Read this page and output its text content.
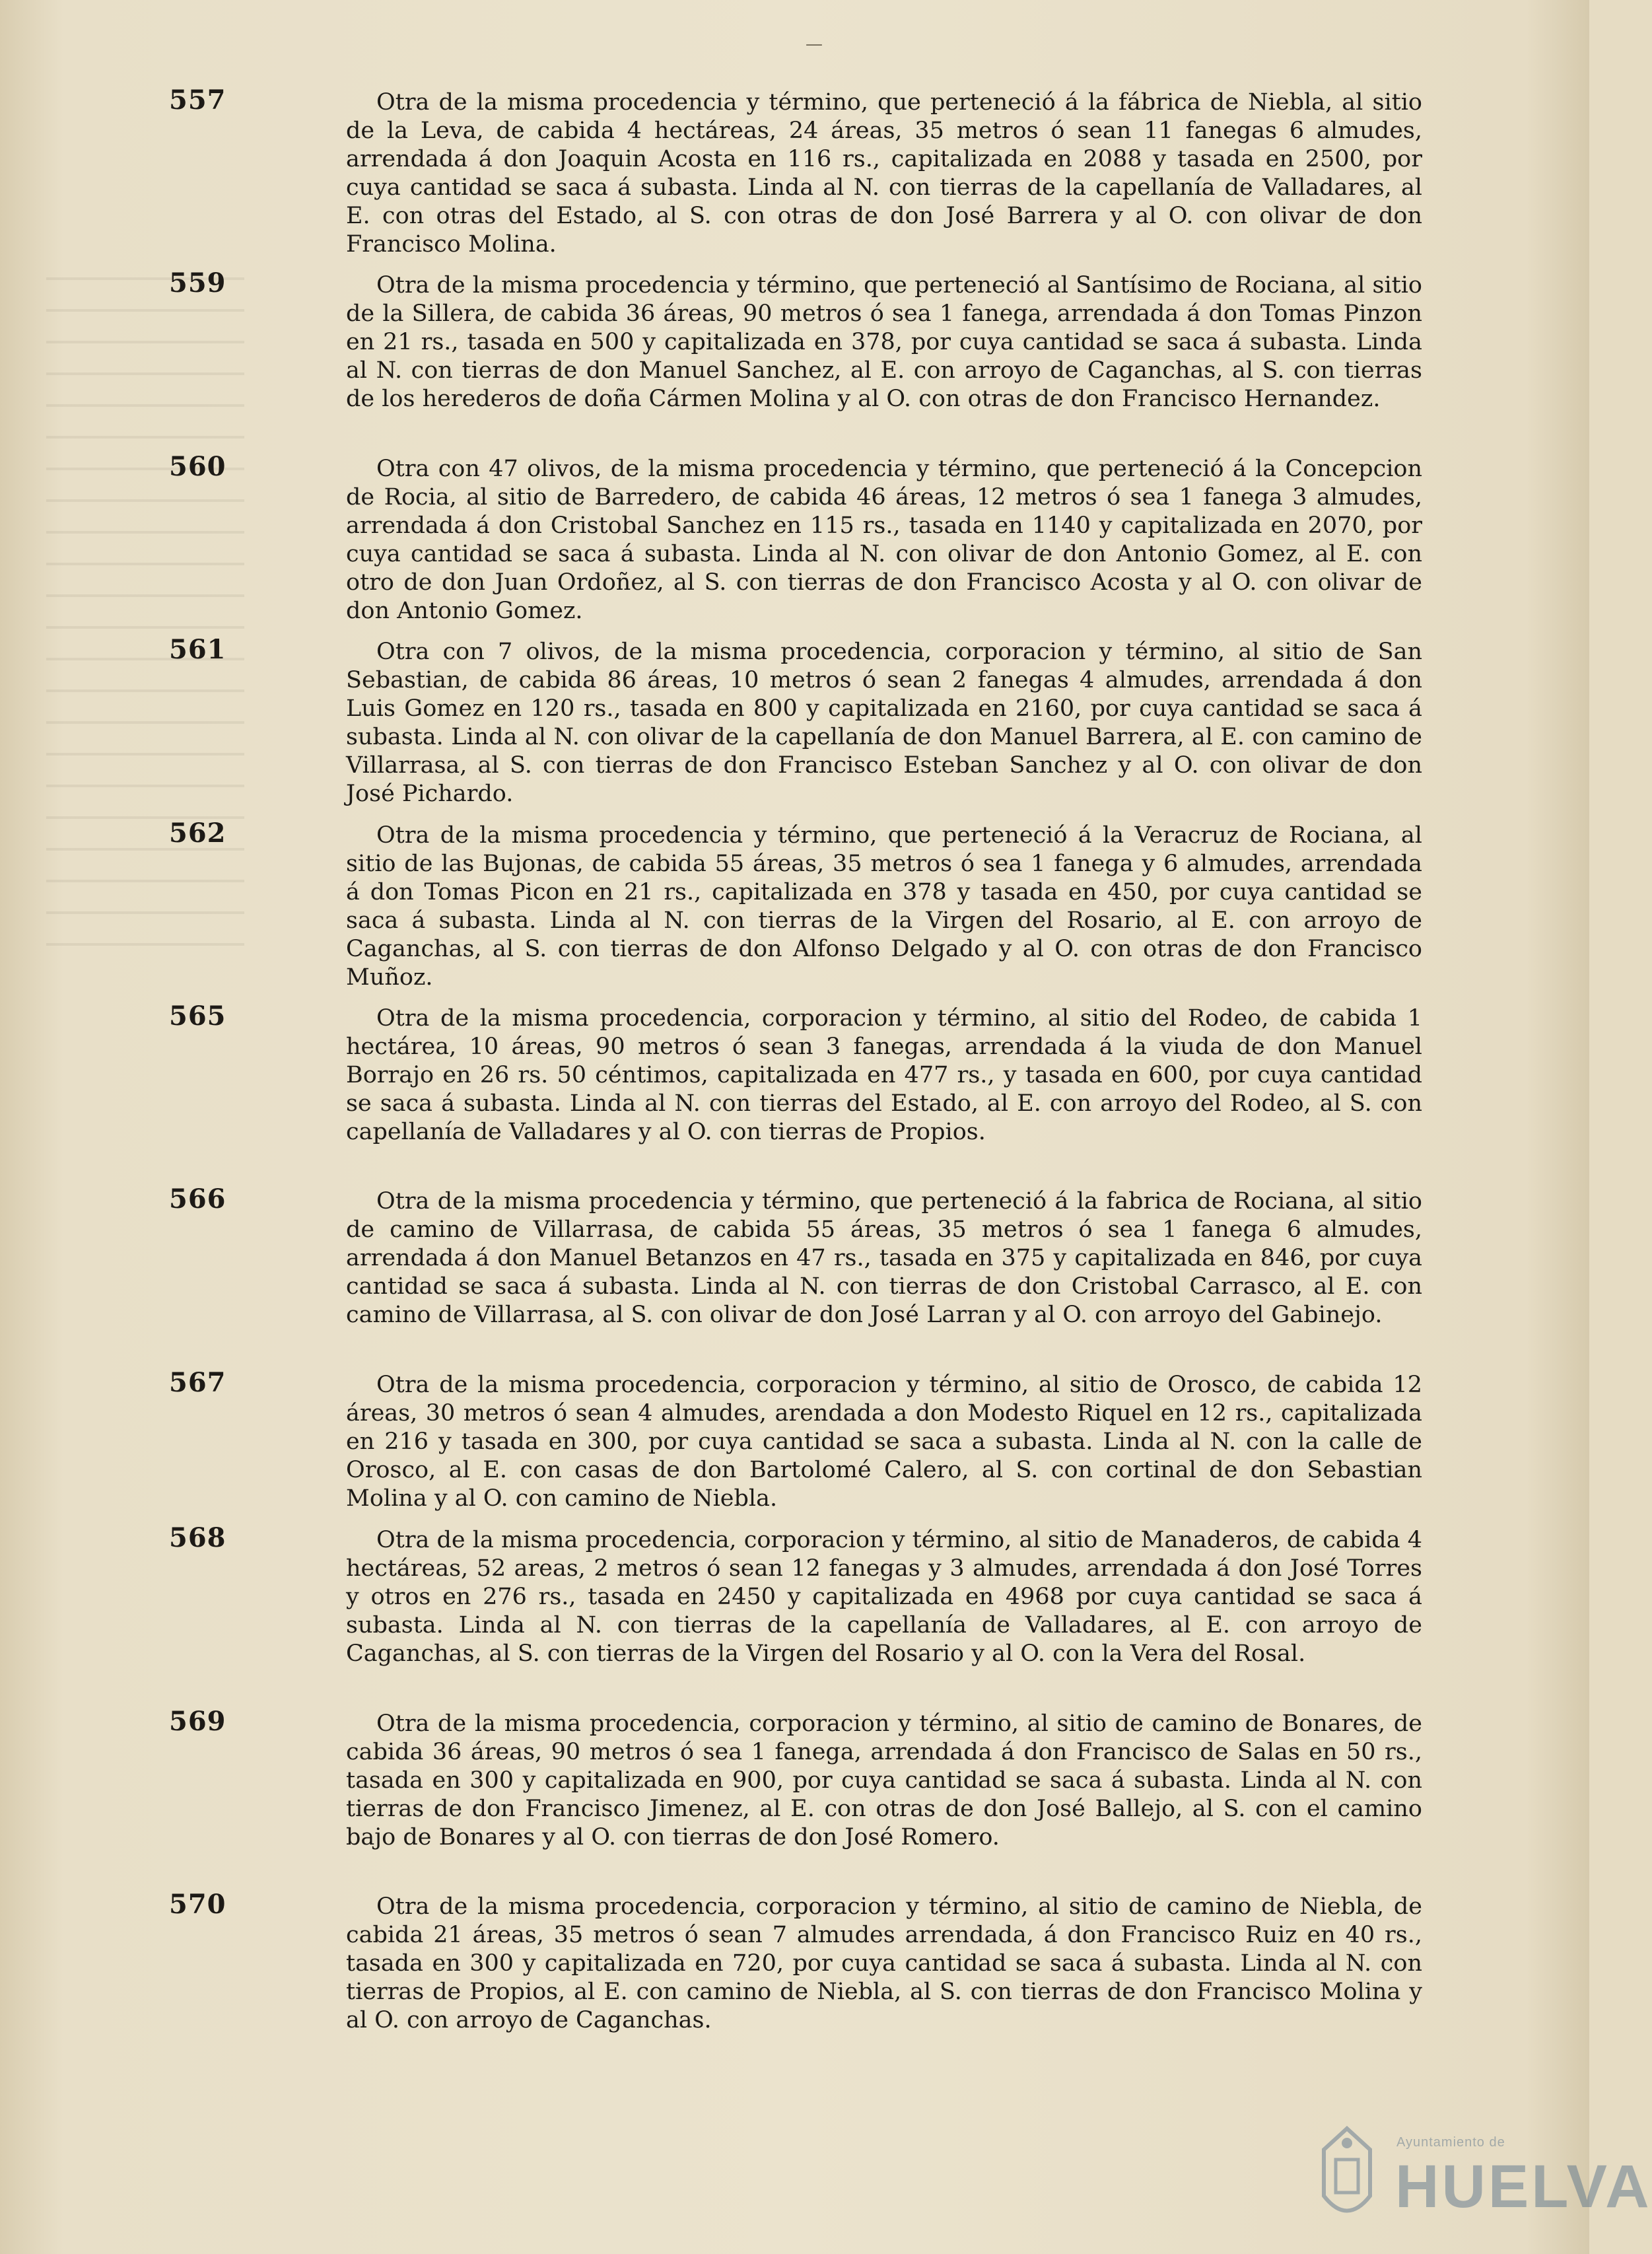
—
557	Otra de la misma procedencia y término, que perteneció á la fábrica de Niebla, al sitio de la Leva, de cabida 4 hectáreas, 24 áreas, 35 metros ó sean 11 fanegas 6 almudes, arrendada á don Joaquin Acosta en 116 rs., capitalizada en 2088 y tasada en 2500, por cuya cantidad se saca á subasta. Linda al N. con tierras de la capellanía de Valladares, al E. con otras del Estado, al S. con otras de don José Barrera y al O. con olivar de don Francisco Molina.

559	Otra de la misma procedencia y término, que perteneció al Santísimo de Rociana, al sitio de la Sillera, de cabida 36 áreas, 90 metros ó sea 1 fanega, arrendada á don Tomas Pinzon en 21 rs., tasada en 500 y capitalizada en 378, por cuya cantidad se saca á subasta. Linda al N. con tierras de don Manuel Sanchez, al E. con arroyo de Caganchas, al S. con tierras de los herederos de doña Cármen Molina y al O. con otras de don Francisco Hernandez.

560	Otra con 47 olivos, de la misma procedencia y término, que perteneció á la Concepcion de Rocia, al sitio de Barredero, de cabida 46 áreas, 12 metros ó sea 1 fanega 3 almudes, arrendada á don Cristobal Sanchez en 115 rs., tasada en 1140 y capitalizada en 2070, por cuya cantidad se saca á subasta. Linda al N. con olivar de don Antonio Gomez, al E. con otro de don Juan Ordoñez, al S. con tierras de don Francisco Acosta y al O. con olivar de don Antonio Gomez.

561	Otra con 7 olivos, de la misma procedencia, corporacion y término, al sitio de San Sebastian, de cabida 86 áreas, 10 metros ó sean 2 fanegas 4 almudes, arrendada á don Luis Gomez en 120 rs., tasada en 800 y capitalizada en 2160, por cuya cantidad se saca á subasta. Linda al N. con olivar de la capellanía de don Manuel Barrera, al E. con camino de Villarrasa, al S. con tierras de don Francisco Esteban Sanchez y al O. con olivar de don José Pichardo.

562	Otra de la misma procedencia y término, que perteneció á la Veracruz de Rociana, al sitio de las Bujonas, de cabida 55 áreas, 35 metros ó sea 1 fanega y 6 almudes, arrendada á don Tomas Picon en 21 rs., capitalizada en 378 y tasada en 450, por cuya cantidad se saca á subasta. Linda al N. con tierras de la Virgen del Rosario, al E. con arroyo de Caganchas, al S. con tierras de don Alfonso Delgado y al O. con otras de don Francisco Muñoz.

565	Otra de la misma procedencia, corporacion y término, al sitio del Rodeo, de cabida 1 hectárea, 10 áreas, 90 metros ó sean 3 fanegas, arrendada á la viuda de don Manuel Borrajo en 26 rs. 50 céntimos, capitalizada en 477 rs., y tasada en 600, por cuya cantidad se saca á subasta. Linda al N. con tierras del Estado, al E. con arroyo del Rodeo, al S. con capellanía de Valladares y al O. con tierras de Propios.

566	Otra de la misma procedencia y término, que perteneció á la fabrica de Rociana, al sitio de camino de Villarrasa, de cabida 55 áreas, 35 metros ó sea 1 fanega 6 almudes, arrendada á don Manuel Betanzos en 47 rs., tasada en 375 y capitalizada en 846, por cuya cantidad se saca á subasta. Linda al N. con tierras de don Cristobal Carrasco, al E. con camino de Villarrasa, al S. con olivar de don José Larran y al O. con arroyo del Gabinejo.

567	Otra de la misma procedencia, corporacion y término, al sitio de Orosco, de cabida 12 áreas, 30 metros ó sean 4 almudes, arendada a don Modesto Riquel en 12 rs., capitalizada en 216 y tasada en 300, por cuya cantidad se saca a subasta. Linda al N. con la calle de Orosco, al E. con casas de don Bartolomé Calero, al S. con cortinal de don Sebastian Molina y al O. con camino de Niebla.

568	Otra de la misma procedencia, corporacion y término, al sitio de Manaderos, de cabida 4 hectáreas, 52 areas, 2 metros ó sean 12 fanegas y 3 almudes, arrendada á don José Torres y otros en 276 rs., tasada en 2450 y capitalizada en 4968 por cuya cantidad se saca á subasta. Linda al N. con tierras de la capellanía de Valladares, al E. con arroyo de Caganchas, al S. con tierras de la Virgen del Rosario y al O. con la Vera del Rosal.

569	Otra de la misma procedencia, corporacion y término, al sitio de camino de Bonares, de cabida 36 áreas, 90 metros ó sea 1 fanega, arrendada á don Francisco de Salas en 50 rs., tasada en 300 y capitalizada en 900, por cuya cantidad se saca á subasta. Linda al N. con tierras de don Francisco Jimenez, al E. con otras de don José Ballejo, al S. con el camino bajo de Bonares y al O. con tierras de don José Romero.

570	Otra de la misma procedencia, corporacion y término, al sitio de camino de Niebla, de cabida 21 áreas, 35 metros ó sean 7 almudes arrendada, á don Francisco Ruiz en 40 rs., tasada en 300 y capitalizada en 720, por cuya cantidad se saca á subasta. Linda al N. con tierras de Propios, al E. con camino de Niebla, al S. con tierras de don Francisco Molina y al O. con arroyo de Caganchas.

Ayuntamiento de
HUELVA
